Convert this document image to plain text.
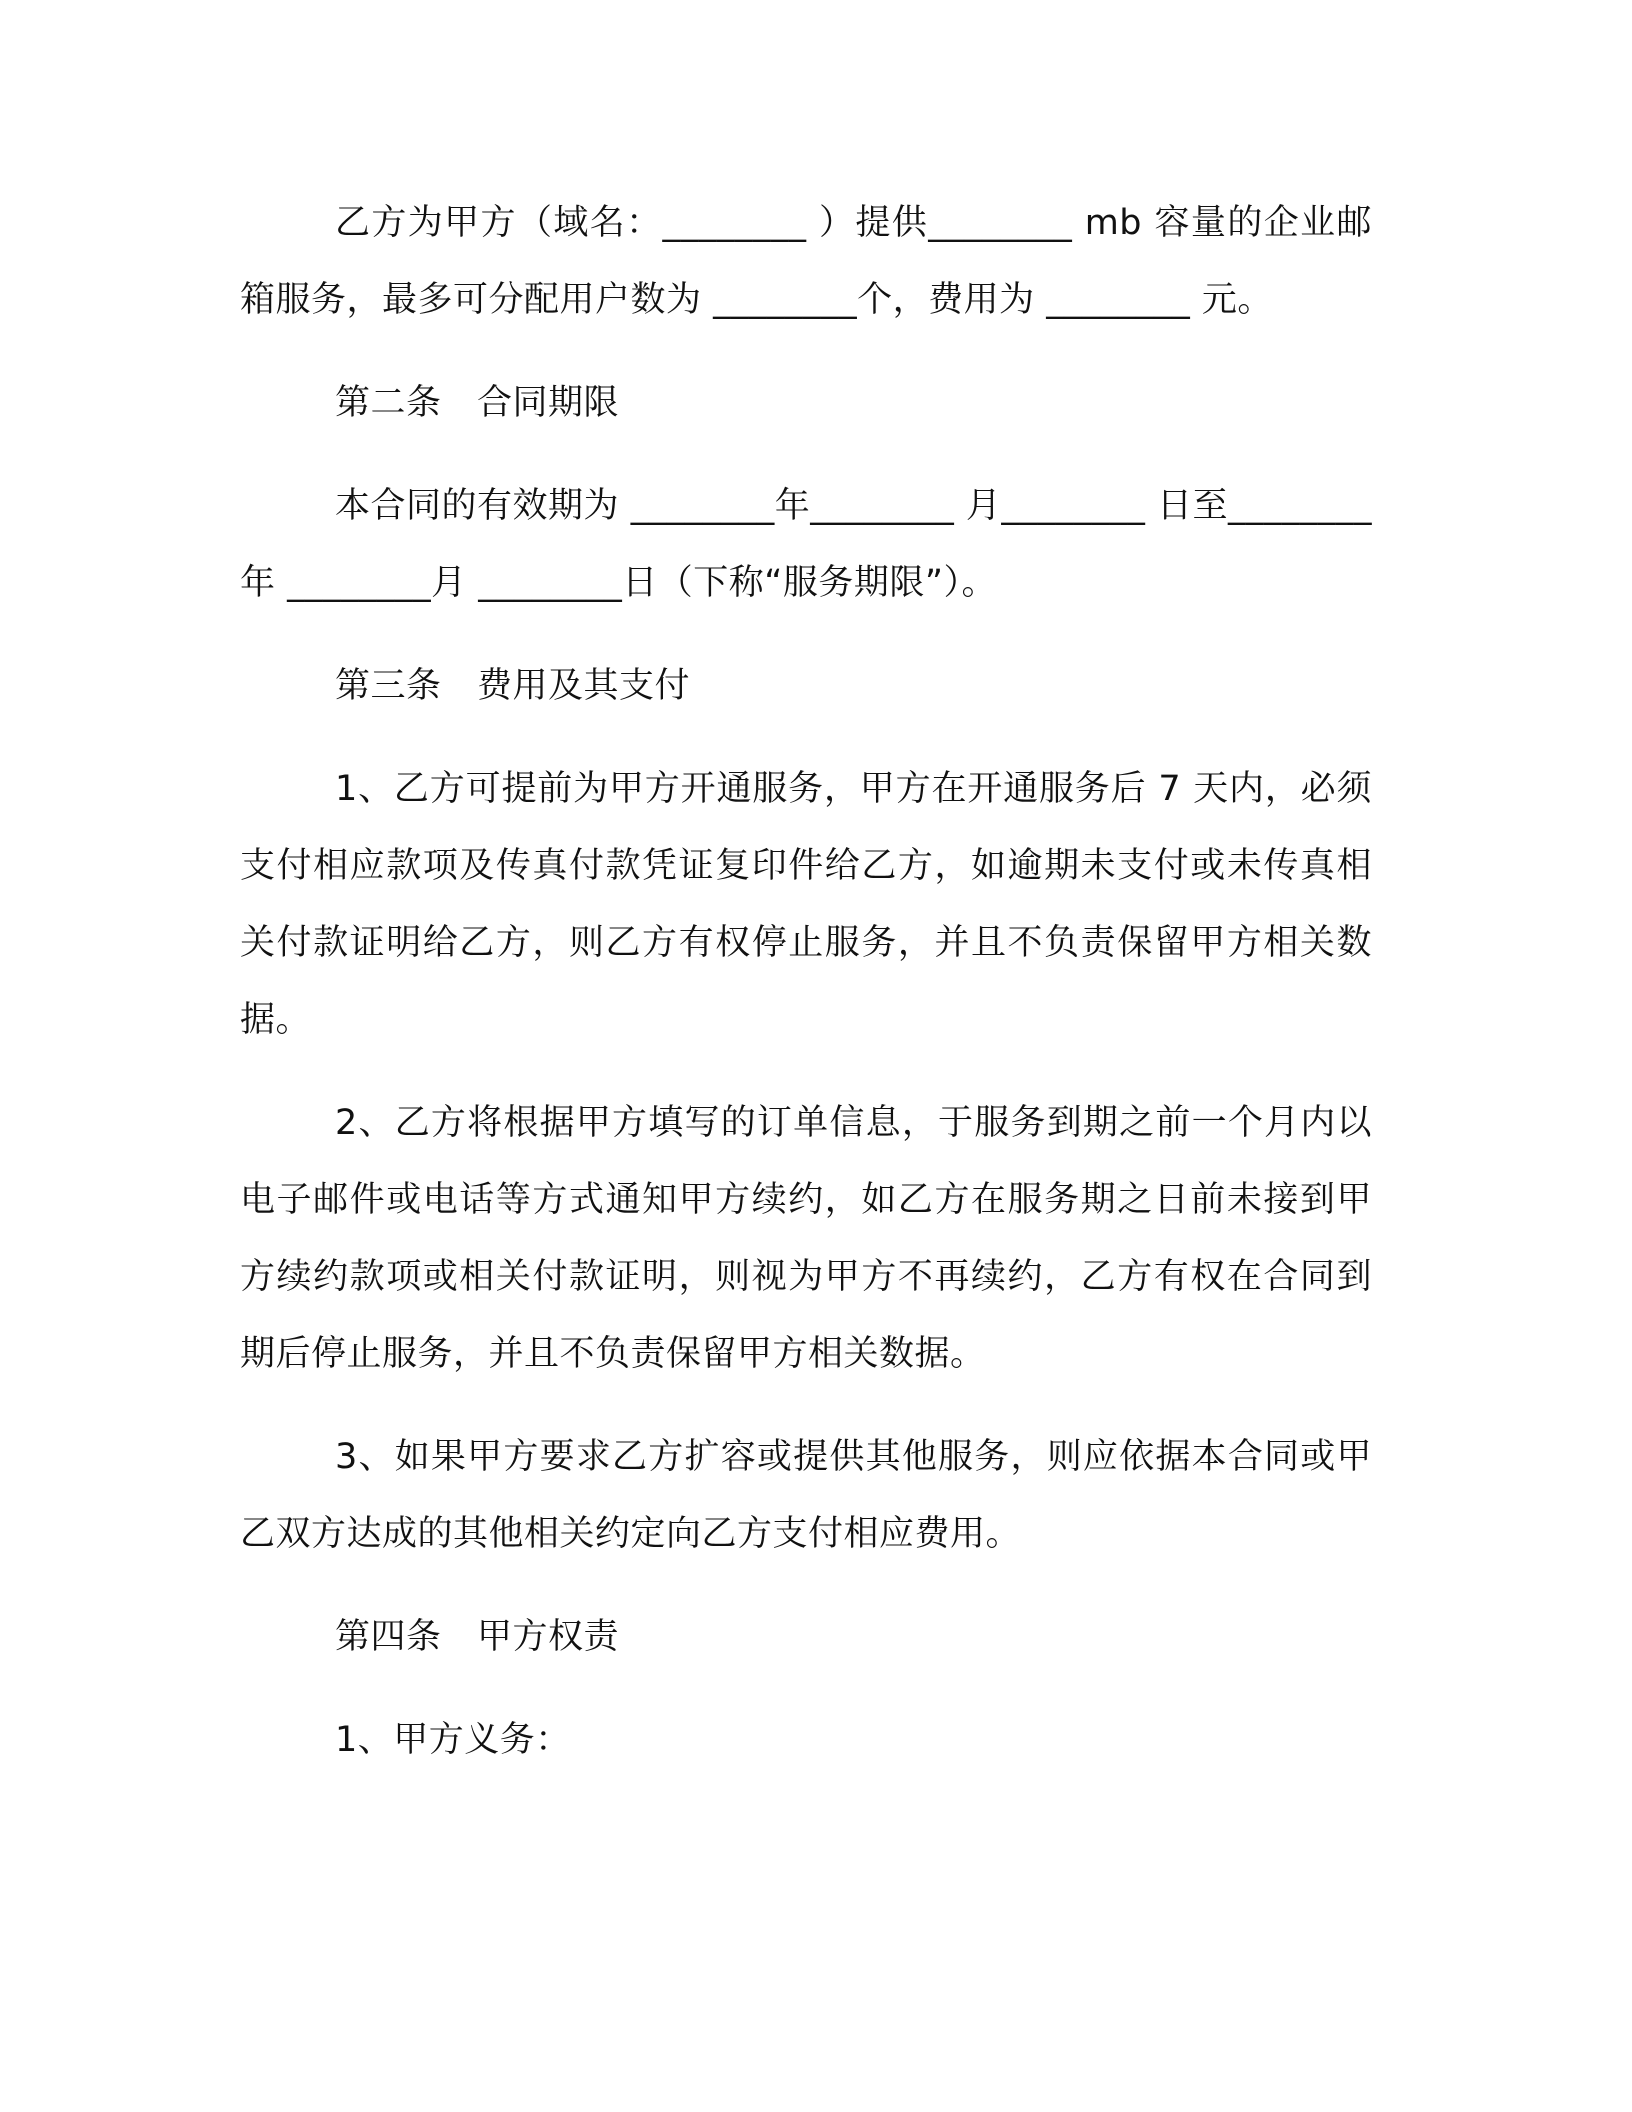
乙方为甲方（域名：________ ）提供________ mb 容量的企业邮箱服务，最多可分配用户数为 ________个，费用为 ________ 元。

第二条　合同期限

本合同的有效期为 ________年________ 月________ 日至________ 年 ________月 ________日（下称“服务期限”）。

第三条　费用及其支付

1、乙方可提前为甲方开通服务，甲方在开通服务后 7 天内，必须支付相应款项及传真付款凭证复印件给乙方，如逾期未支付或未传真相关付款证明给乙方，则乙方有权停止服务，并且不负责保留甲方相关数据。

2、乙方将根据甲方填写的订单信息，于服务到期之前一个月内以电子邮件或电话等方式通知甲方续约，如乙方在服务期之日前未接到甲方续约款项或相关付款证明，则视为甲方不再续约，乙方有权在合同到期后停止服务，并且不负责保留甲方相关数据。

3、如果甲方要求乙方扩容或提供其他服务，则应依据本合同或甲乙双方达成的其他相关约定向乙方支付相应费用。

第四条　甲方权责

1、甲方义务：
